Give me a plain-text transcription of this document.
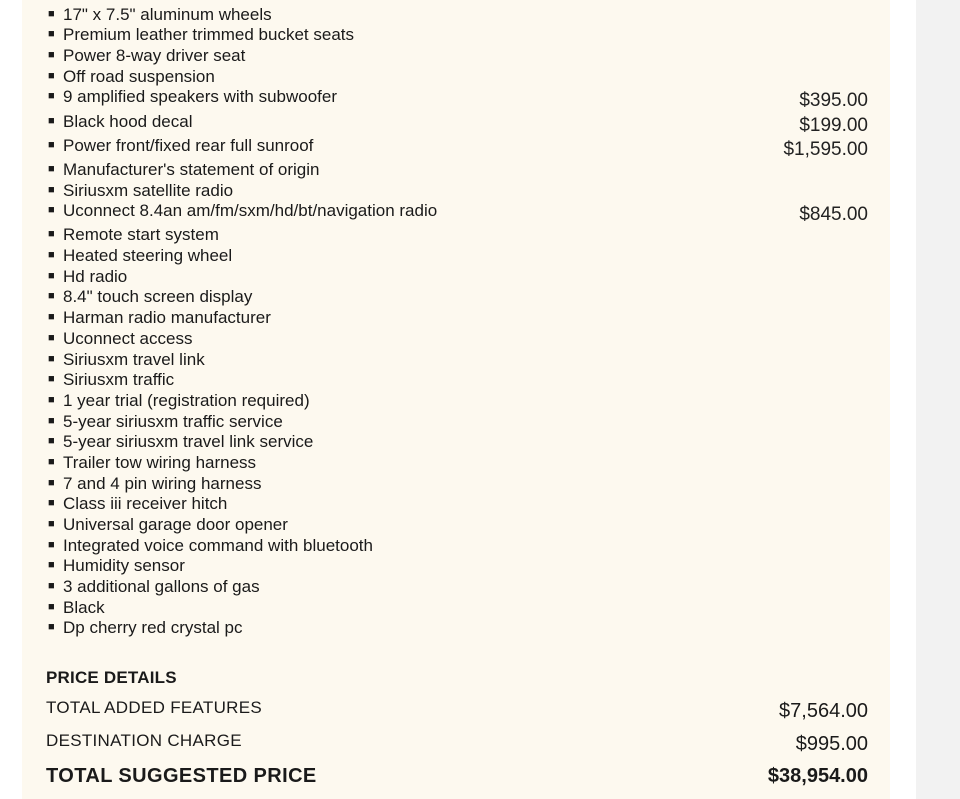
■ 17" x 7.5" aluminum wheels
■ Premium leather trimmed bucket seats
■ Power 8-way driver seat
■ Off road suspension
■ 9 amplified speakers with subwoofer	$395.00
■ Black hood decal	$199.00
■ Power front/fixed rear full sunroof	$1,595.00
■ Manufacturer's statement of origin
■ Siriusxm satellite radio
■ Uconnect 8.4an am/fm/sxm/hd/bt/navigation radio	$845.00
■ Remote start system
■ Heated steering wheel
■ Hd radio
■ 8.4" touch screen display
■ Harman radio manufacturer
■ Uconnect access
■ Siriusxm travel link
■ Siriusxm traffic
■ 1 year trial (registration required)
■ 5-year siriusxm traffic service
■ 5-year siriusxm travel link service
■ Trailer tow wiring harness
■ 7 and 4 pin wiring harness
■ Class iii receiver hitch
■ Universal garage door opener
■ Integrated voice command with bluetooth
■ Humidity sensor
■ 3 additional gallons of gas
■ Black
■ Dp cherry red crystal pc
PRICE DETAILS
TOTAL ADDED FEATURES	$7,564.00
DESTINATION CHARGE	$995.00
TOTAL SUGGESTED PRICE	$38,954.00
